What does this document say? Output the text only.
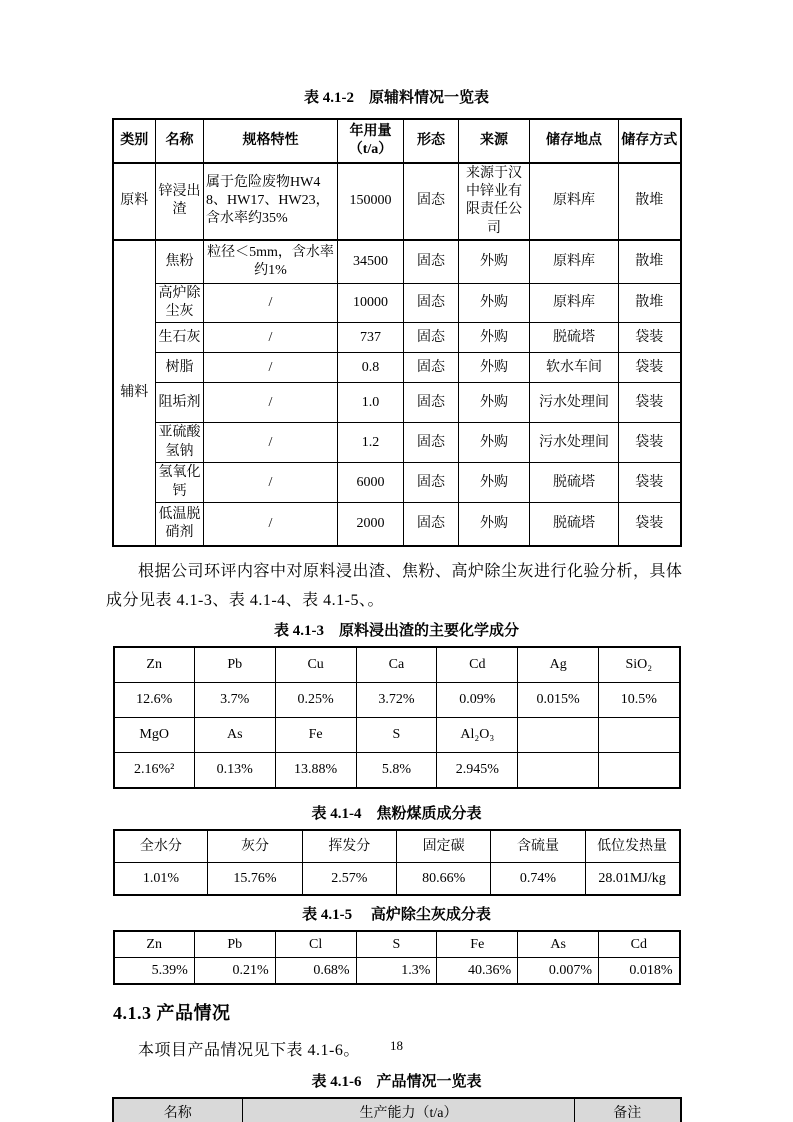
表 4.1-2　原辅料情况一览表
类别	名称	规格特性	年用量（t/a）	形态	来源	储存地点	储存方式
原料	锌浸出渣	属于危险废物HW48、HW17、HW23，含水率约35%	150000	固态	来源于汉中锌业有限责任公司	原料库	散堆
辅料	焦粉	粒径＜5mm，含水率约1%	34500	固态	外购	原料库	散堆
	高炉除尘灰	/	10000	固态	外购	原料库	散堆
	生石灰	/	737	固态	外购	脱硫塔	袋装
	树脂	/	0.8	固态	外购	软水车间	袋装
	阻垢剂	/	1.0	固态	外购	污水处理间	袋装
	亚硫酸氢钠	/	1.2	固态	外购	污水处理间	袋装
	氢氧化钙	/	6000	固态	外购	脱硫塔	袋装
	低温脱硝剂	/	2000	固态	外购	脱硫塔	袋装

根据公司环评内容中对原料浸出渣、焦粉、高炉除尘灰进行化验分析，具体成分见表 4.1-3、表 4.1-4、表 4.1-5、。

表 4.1-3　原料浸出渣的主要化学成分
Zn	Pb	Cu	Ca	Cd	Ag	SiO₂
12.6%	3.7%	0.25%	3.72%	0.09%	0.015%	10.5%
MgO	As	Fe	S	Al₂O₃		
2.16%²	0.13%	13.88%	5.8%	2.945%		
表 4.1-4　焦粉煤质成分表
全水分	灰分	挥发分	固定碳	含硫量	低位发热量
1.01%	15.76%	2.57%	80.66%	0.74%	28.01MJ/kg
表 4.1-5　 高炉除尘灰成分表
Zn	Pb	Cl	S	Fe	As	Cd
5.39%	0.21%	0.68%	1.3%	40.36%	0.007%	0.018%
4.1.3 产品情况

本项目产品情况见下表 4.1-6。

表 4.1-6　产品情况一览表
名称	生产能力（t/a）	备注
18
